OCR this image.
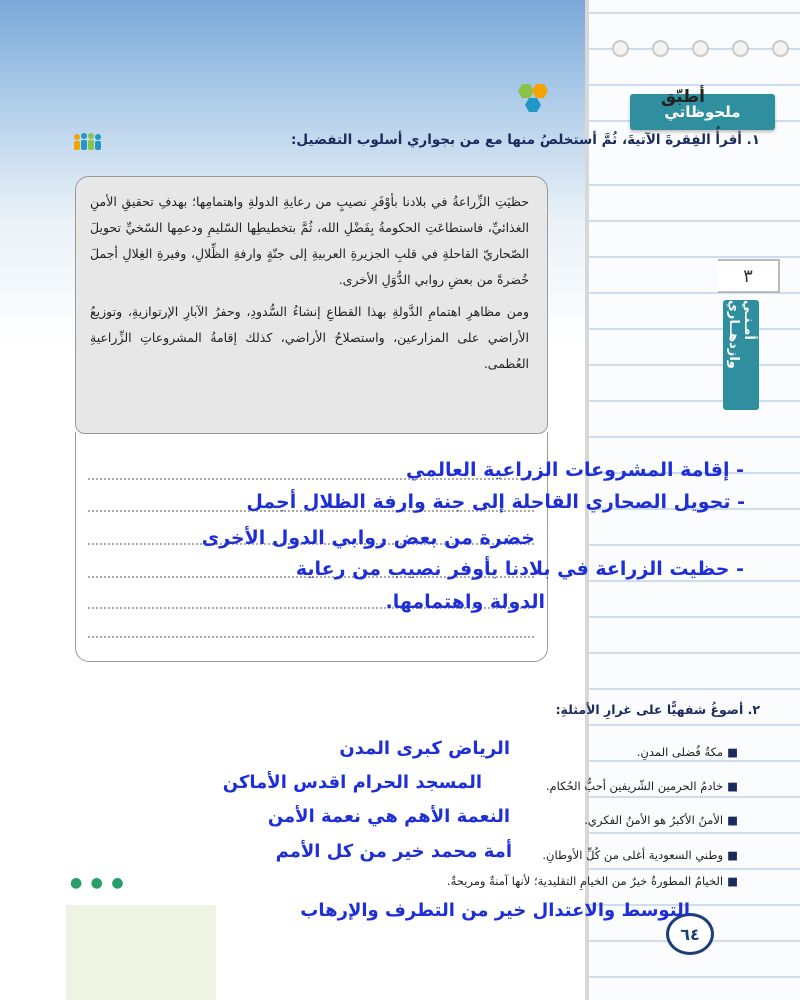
ملحوظاتي
٣
أمـنـي وازدهــاري
٦٤
أطبّق
١. أقرأُ الفِقرةَ الآتيةَ، ثُمَّ أستخلصُ منها مع من بجواري أسلوب التفضيل:

حظيَتِ الزِّراعةُ في بلادنا بأوْفَرِ نصيبٍ من رعايةِ الدولةِ واهتمامِها؛ بهدفِ تحقيقِ الأمنِ الغذائيِّ، فاستطاعَتِ الحكومةُ بِفَضْلِ الله، ثُمَّ بتخطيطِها السّليمِ ودعمِها السّخيِّ تحويلَ الصّحاريّ القاحلةِ في قلبِ الجزيرةِ العربيةِ إلى جنّةٍ وارفةِ الظِّلالِ، وفيرةِ الغِلالِ أجملَ خُضرةً من بعضِ روابي الدُّوَلِ الأخرى.

ومن مظاهرِ اهتمامِ الدَّولةِ بهذا القطاعِ إنشاءُ السُّدودِ، وحفرُ الآبارِ الإرتوازيةِ، وتوزيعُ الأراضي على المزارعين، واستصلاحُ الأراضي، كذلك إقامةُ المشروعاتِ الزِّراعيةِ العُظمى.

- إقامة المشروعات الزراعية العالمي
- تحويل الصحاري القاحلة إلى جنة وارفة الظلال أجمل
خضرة من بعض روابي الدول الأخرى
- حظيت الزراعة في بلادنا بأوفر نصيب من رعاية
الدولة واهتمامها.
٢. أصوغُ شفهيًّا على غرارِ الأمثلةِ:
■مكةُ فُضلى المدنِ.
الرياض كبرى المدن
■خادمُ الحرمين الشّريفين أحبُّ الحُكام.
المسجد الحرام اقدس الأماكن
■الأمنُ الأكبرُ هو الأمنُ الفكري.
النعمة الأهم هي نعمة الأمن
■وطني السعودية أغلى من كُلِّ الأوطانِ.
أمة محمد خير من كل الأمم
■الخيامُ المطورةُ خيرٌ من الخيامِ التقليدية؛ لأنها آمنةٌ ومريحةٌ.
● ● ●
التوسط والاعتدال خير من التطرف والإرهاب
